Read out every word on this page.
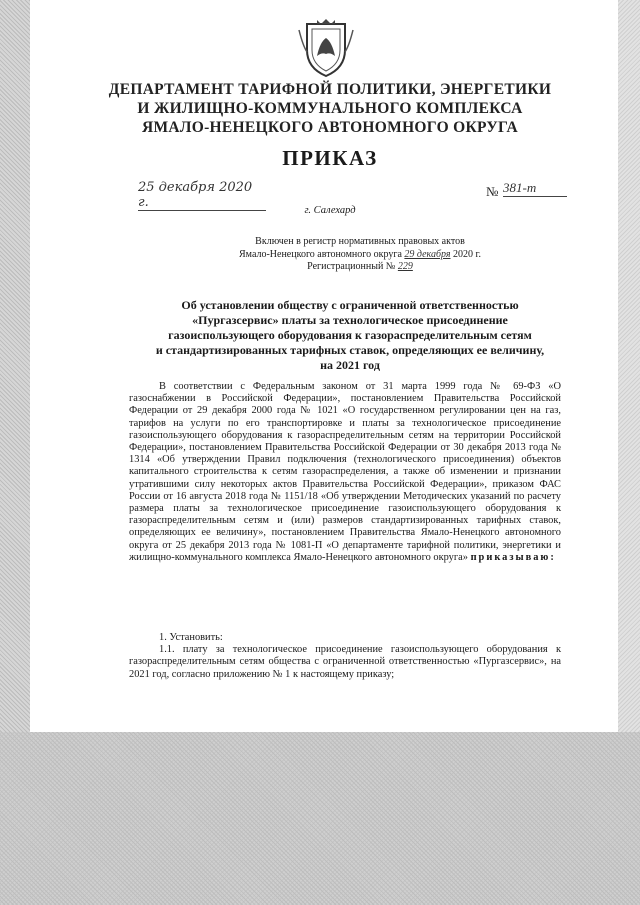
ДЕПАРТАМЕНТ ТАРИФНОЙ ПОЛИТИКИ, ЭНЕРГЕТИКИ
И ЖИЛИЩНО-КОММУНАЛЬНОГО КОМПЛЕКСА
ЯМАЛО-НЕНЕЦКОГО АВТОНОМНОГО ОКРУГА
ПРИКАЗ
25 декабря 2020 г.
№ 381-т
г. Салехард
Включен в регистр нормативных правовых актов
Ямало-Ненецкого автономного округа 29 декабря 2020 г.
Регистрационный № 229
Об установлении обществу с ограниченной ответственностью
«Пургазсервис» платы за технологическое присоединение
газоиспользующего оборудования к газораспределительным сетям
и стандартизированных тарифных ставок, определяющих ее величину,
на 2021 год

В соответствии с Федеральным законом от 31 марта 1999 года № 69-ФЗ «О газоснабжении в Российской Федерации», постановлением Правительства Российской Федерации от 29 декабря 2000 года № 1021 «О государственном регулировании цен на газ, тарифов на услуги по его транспортировке и платы за технологическое присоединение газоиспользующего оборудования к газораспределительным сетям на территории Российской Федерации», постановлением Правительства Российской Федерации от 30 декабря 2013 года № 1314 «Об утверждении Правил подключения (технологического присоединения) объектов капитального строительства к сетям газораспределения, а также об изменении и признании утратившими силу некоторых актов Правительства Российской Федерации», приказом ФАС России от 16 августа 2018 года № 1151/18 «Об утверждении Методических указаний по расчету размера платы за технологическое присоединение газоиспользующего оборудования к газораспределительным сетям и (или) размеров стандартизированных тарифных ставок, определяющих ее величину», постановлением Правительства Ямало-Ненецкого автономного округа от 25 декабря 2013 года № 1081-П «О департаменте тарифной политики, энергетики и жилищно-коммунального комплекса Ямало-Ненецкого автономного округа» приказываю:

1. Установить:

1.1. плату за технологическое присоединение газоиспользующего оборудования к газораспределительным сетям общества с ограниченной ответственностью «Пургазсервис», на 2021 год, согласно приложению № 1 к настоящему приказу;
